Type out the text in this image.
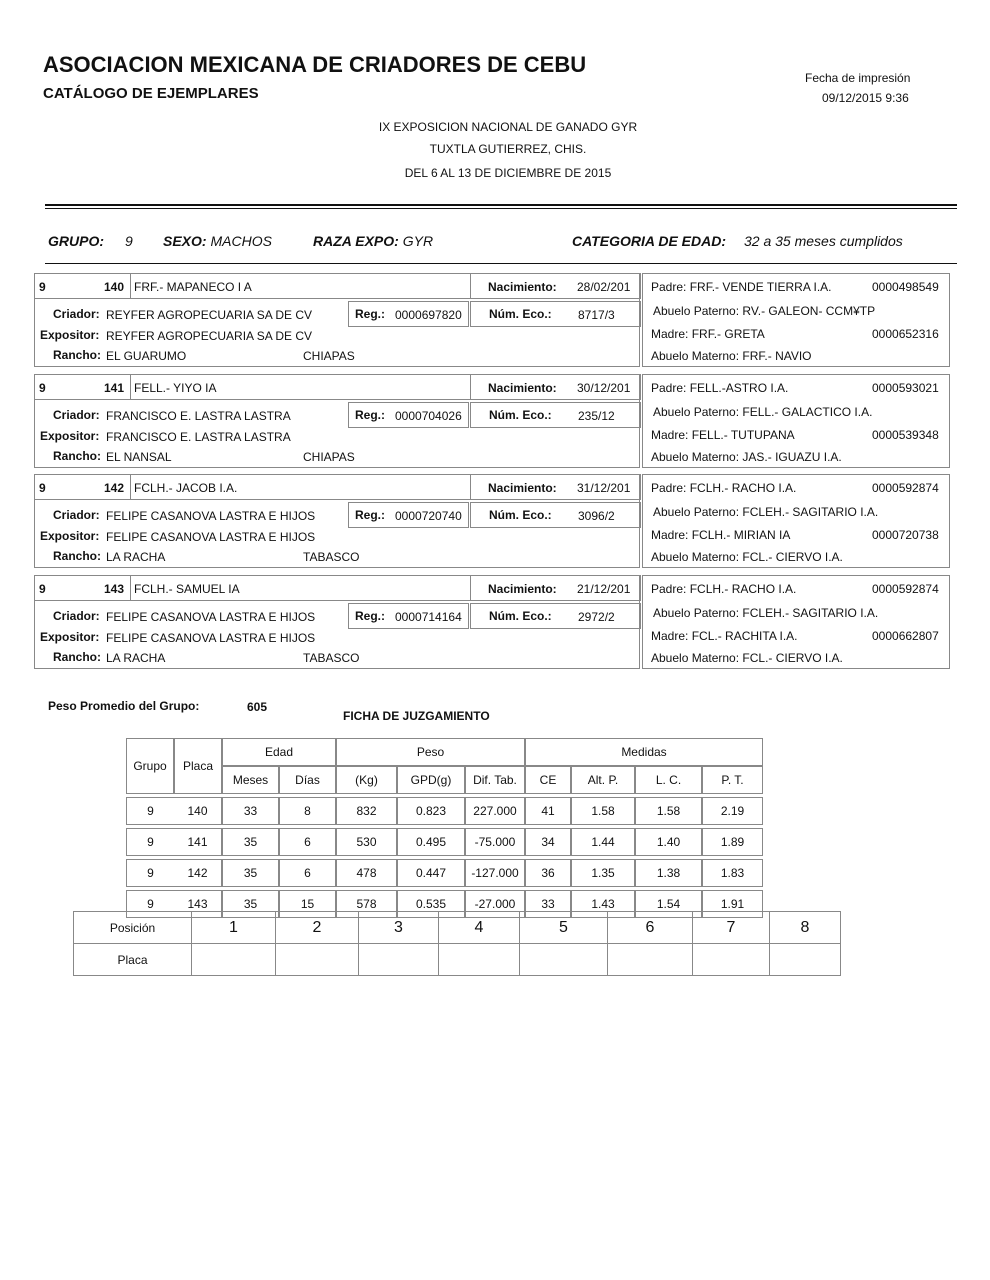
ASOCIACION MEXICANA DE CRIADORES DE CEBU
CATÁLOGO DE EJEMPLARES
Fecha de impresión
09/12/2015 9:36
IX EXPOSICION NACIONAL DE GANADO GYR
TUXTLA GUTIERREZ, CHIS.
DEL 6 AL 13 DE DICIEMBRE DE 2015
GRUPO: 9 SEXO: MACHOS	RAZA EXPO: GYR	CATEGORIA DE EDAD: 32 a 35 meses cumplidos
9	140 FRF.- MAPANECO I A	Nacimiento: 28/02/201
Criador: REYFER AGROPECUARIA SA DE CV	Reg.: 0000697820 Núm. Eco.: 8717/3
Expositor: REYFER AGROPECUARIA SA DE CV
Rancho: EL GUARUMO	CHIAPAS
Padre: FRF.- VENDE TIERRA I.A.	0000498549
Abuelo Paterno: RV.- GALEON- CCM¥TP
Madre: FRF.- GRETA	0000652316
Abuelo Materno: FRF.- NAVIO
9	141 FELL.- YIYO IA	Nacimiento: 30/12/201
Criador: FRANCISCO E. LASTRA LASTRA	Reg.: 0000704026 Núm. Eco.: 235/12
Expositor: FRANCISCO E. LASTRA LASTRA
Rancho: EL NANSAL	CHIAPAS
Padre: FELL.-ASTRO I.A.	0000593021
Abuelo Paterno: FELL.- GALACTICO I.A.
Madre: FELL.- TUTUPANA	0000539348
Abuelo Materno: JAS.- IGUAZU I.A.
9	142 FCLH.- JACOB I.A.	Nacimiento: 31/12/201
Criador: FELIPE CASANOVA LASTRA E HIJOS	Reg.: 0000720740 Núm. Eco.: 3096/2
Expositor: FELIPE CASANOVA LASTRA E HIJOS
Rancho: LA RACHA	TABASCO
Padre: FCLH.- RACHO I.A.	0000592874
Abuelo Paterno: FCLEH.- SAGITARIO I.A.
Madre: FCLH.- MIRIAN IA	0000720738
Abuelo Materno: FCL.- CIERVO I.A.
9	143 FCLH.- SAMUEL IA	Nacimiento: 21/12/201
Criador: FELIPE CASANOVA LASTRA E HIJOS	Reg.: 0000714164 Núm. Eco.: 2972/2
Expositor: FELIPE CASANOVA LASTRA E HIJOS
Rancho: LA RACHA	TABASCO
Padre: FCLH.- RACHO I.A.	0000592874
Abuelo Paterno: FCLEH.- SAGITARIO I.A.
Madre: FCL.- RACHITA I.A.	0000662807
Abuelo Materno: FCL.- CIERVO I.A.
Peso Promedio del Grupo:	605
FICHA DE JUZGAMIENTO
Grupo	Placa	Edad		Peso			Medidas			
		Meses	Días	(Kg)	GPD(g)	Dif. Tab.	CE	Alt. P.	L. C.	P. T.

9	140	33	8	832	0.823	227.000	41	1.58	1.58	2.19

9	141	35	6	530	0.495	-75.000	34	1.44	1.40	1.89

9	142	35	6	478	0.447	-127.000	36	1.35	1.38	1.83

9	143	35	15	578	0.535	-27.000	33	1.43	1.54	1.91
Posición	1	2	3	4	5	6	7	8
Placa								
